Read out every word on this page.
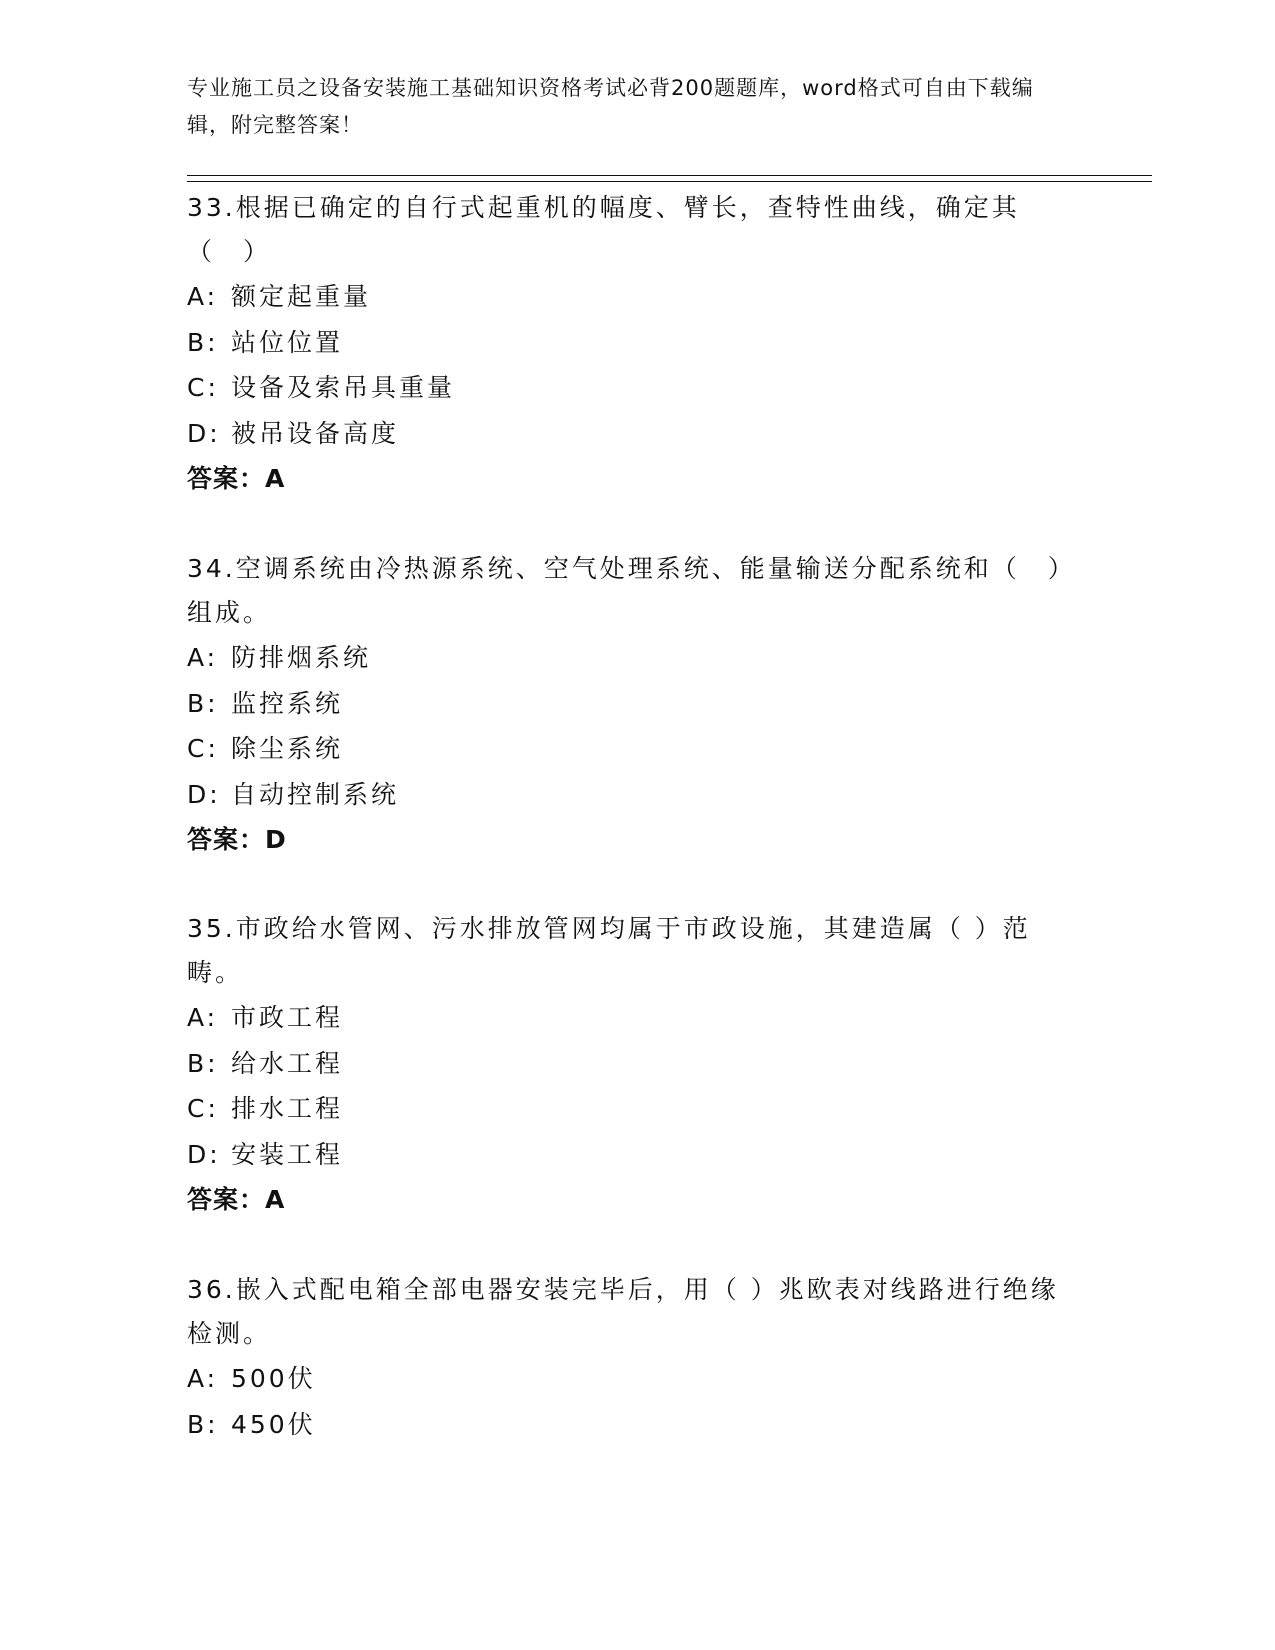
专业施工员之设备安装施工基础知识资格考试必背200题题库，word格式可自由下载编辑，附完整答案！

33.根据已确定的自行式起重机的幅度、臂长，查特性曲线，确定其（　）

A: 额定起重量

B: 站位位置

C: 设备及索吊具重量

D: 被吊设备高度

答案：A

34.空调系统由冷热源系统、空气处理系统、能量输送分配系统和（　）组成。

A: 防排烟系统

B: 监控系统

C: 除尘系统

D: 自动控制系统

答案：D

35.市政给水管网、污水排放管网均属于市政设施，其建造属（ ）范畴。

A: 市政工程

B: 给水工程

C: 排水工程

D: 安装工程

答案：A

36.嵌入式配电箱全部电器安装完毕后，用（ ）兆欧表对线路进行绝缘检测。

A: 500伏

B: 450伏
